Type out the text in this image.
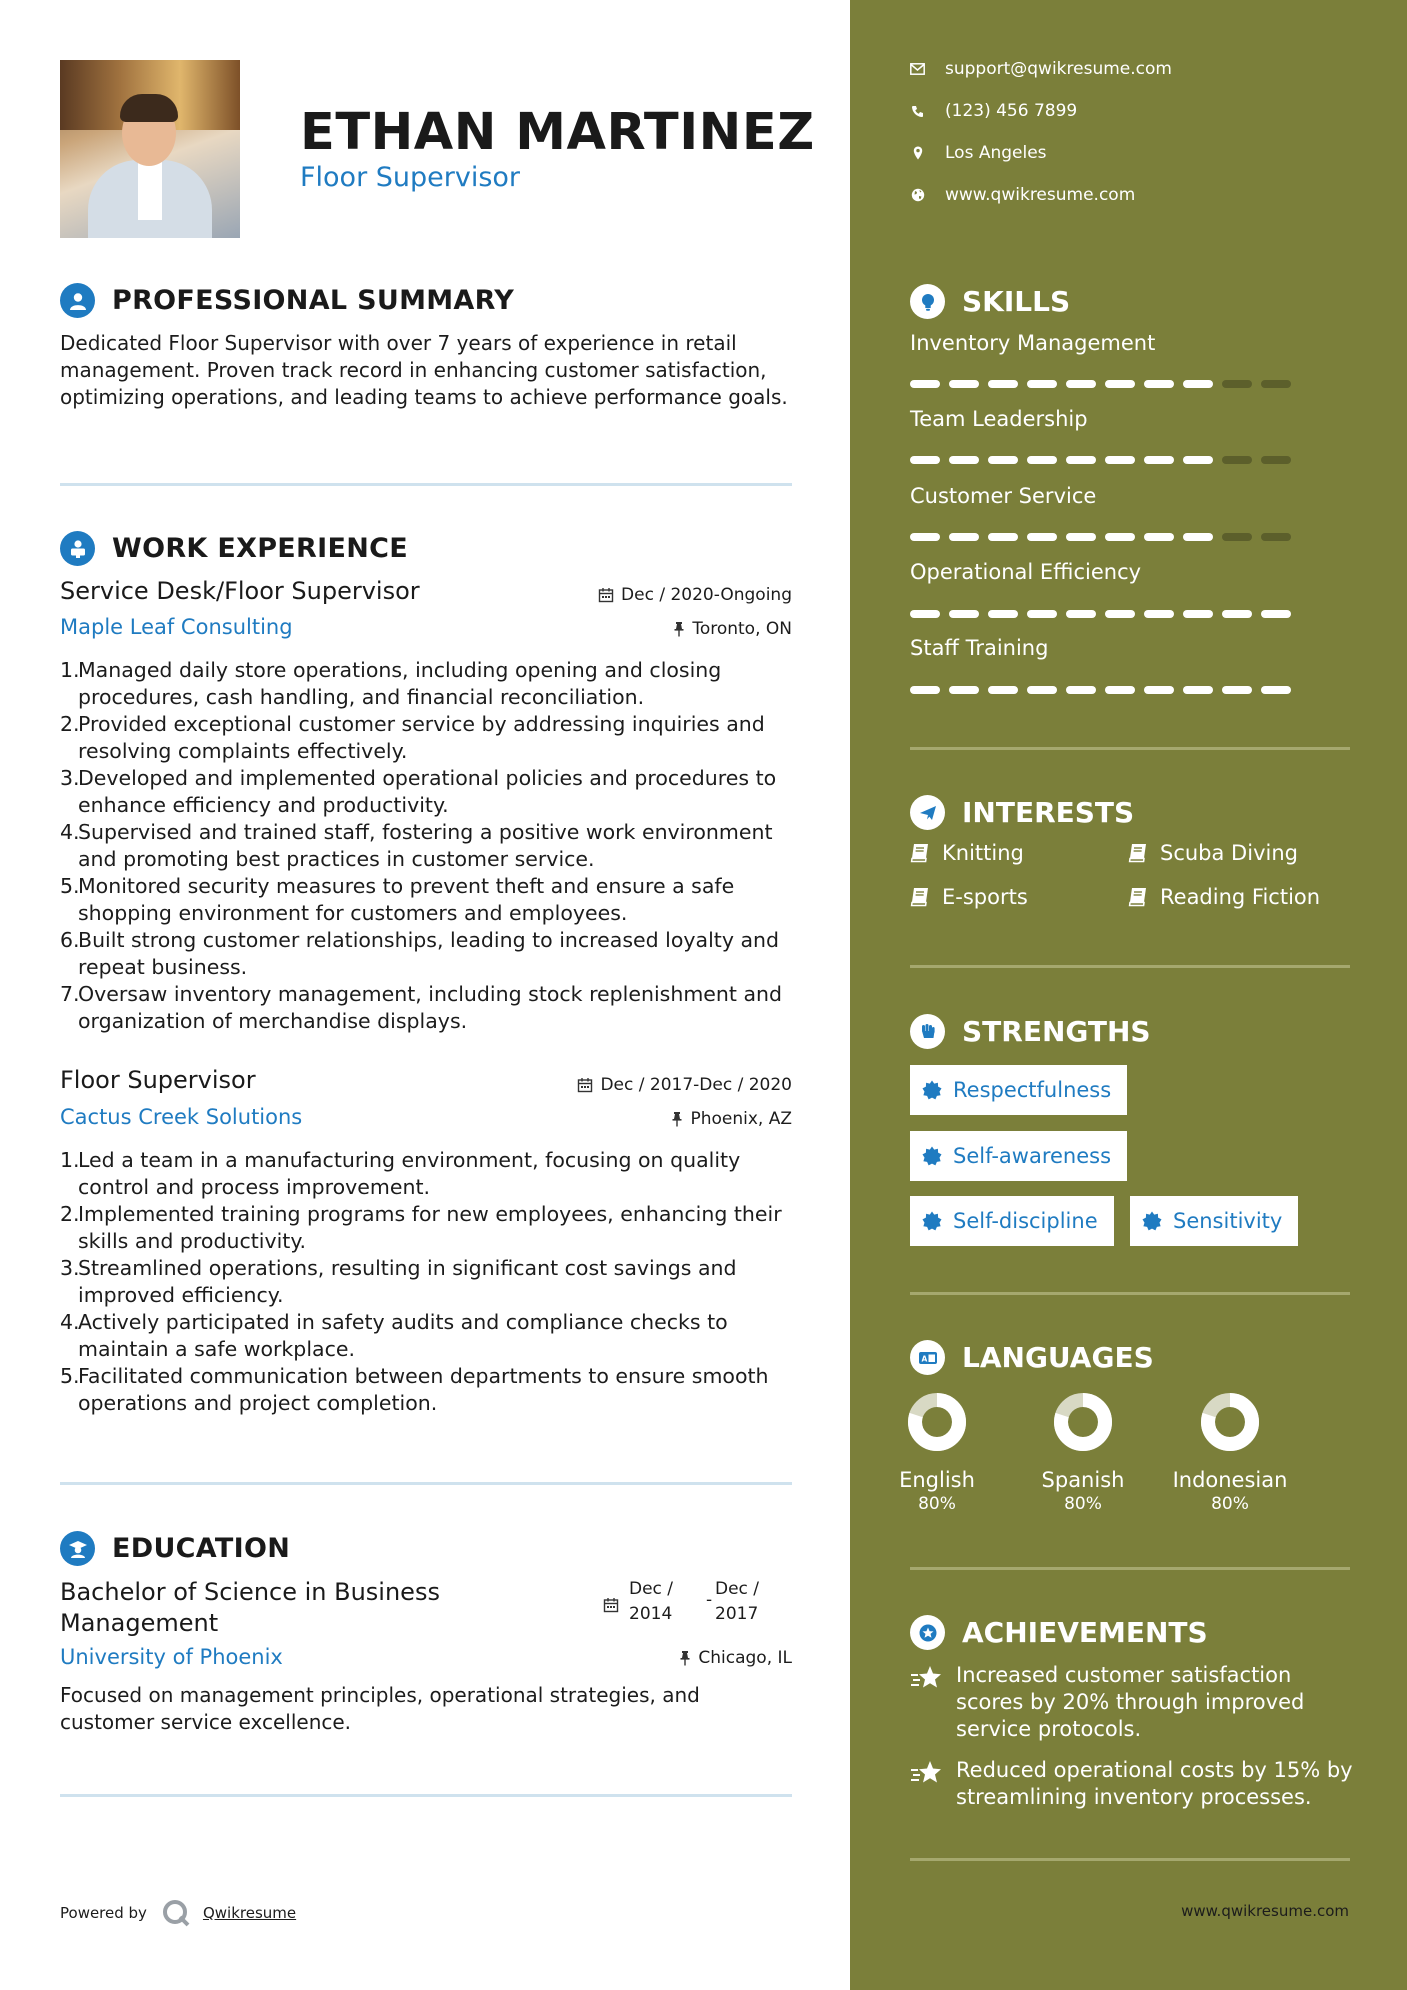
ETHAN MARTINEZ
Floor Supervisor
PROFESSIONAL SUMMARY
Dedicated Floor Supervisor with over 7 years of experience in retail management. Proven track record in enhancing customer satisfaction, optimizing operations, and leading teams to achieve performance goals.
WORK EXPERIENCE
Service Desk/Floor Supervisor	Dec / 2020-Ongoing
Maple Leaf Consulting	Toronto, ON
1.
Managed daily store operations, including opening and closing procedures, cash handling, and financial reconciliation.
2.
Provided exceptional customer service by addressing inquiries and resolving complaints effectively.
3.
Developed and implemented operational policies and procedures to enhance efficiency and productivity.
4.
Supervised and trained staff, fostering a positive work environment and promoting best practices in customer service.
5.
Monitored security measures to prevent theft and ensure a safe shopping environment for customers and employees.
6.
Built strong customer relationships, leading to increased loyalty and repeat business.
7.
Oversaw inventory management, including stock replenishment and organization of merchandise displays.
Floor Supervisor	Dec / 2017-Dec / 2020
Cactus Creek Solutions	Phoenix, AZ
1.
Led a team in a manufacturing environment, focusing on quality control and process improvement.
2.
Implemented training programs for new employees, enhancing their skills and productivity.
3.
Streamlined operations, resulting in significant cost savings and improved efficiency.
4.
Actively participated in safety audits and compliance checks to maintain a safe workplace.
5.
Facilitated communication between departments to ensure smooth operations and project completion.
EDUCATION
Bachelor of Science in Business
Management
Dec /
2014
-
Dec /
2017
University of Phoenix	Chicago, IL
Focused on management principles, operational strategies, and customer service excellence.
Powered by	Qwikresume
support@qwikresume.com
(123) 456 7899
Los Angeles
www.qwikresume.com
SKILLS
Inventory Management
Team Leadership
Customer Service
Operational Efficiency
Staff Training
INTERESTS
Knitting	Scuba Diving
E-sports	Reading Fiction
STRENGTHS
Respectfulness
Self-awareness
Self-discipline	Sensitivity
A LANGUAGES
English
80%
Spanish
80%
Indonesian
80%
ACHIEVEMENTS
Increased customer satisfaction scores by 20% through improved service protocols.
Reduced operational costs by 15% by streamlining inventory processes.
www.qwikresume.com
